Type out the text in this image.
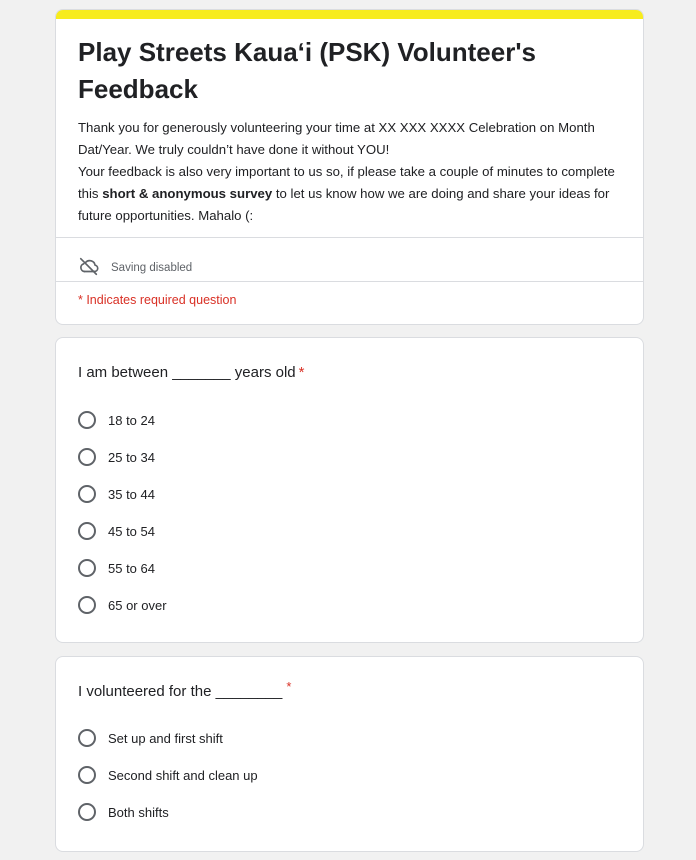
Play Streets Kauaʻi (PSK) Volunteer's Feedback

Thank you for generously volunteering your time at XX XXX XXXX Celebration on Month Dat/Year. We truly couldn’t have done it without YOU!

Your feedback is also very important to us so, if please take a couple of minutes to complete this short & anonymous survey to let us know how we are doing and share your ideas for future opportunities. Mahalo (:

Saving disabled
* Indicates required question
I am between _______ years old *
18 to 24
25 to 34
35 to 44
45 to 54
55 to 64
65 or over
I volunteered for the ________ *
Set up and first shift
Second shift and clean up
Both shifts
